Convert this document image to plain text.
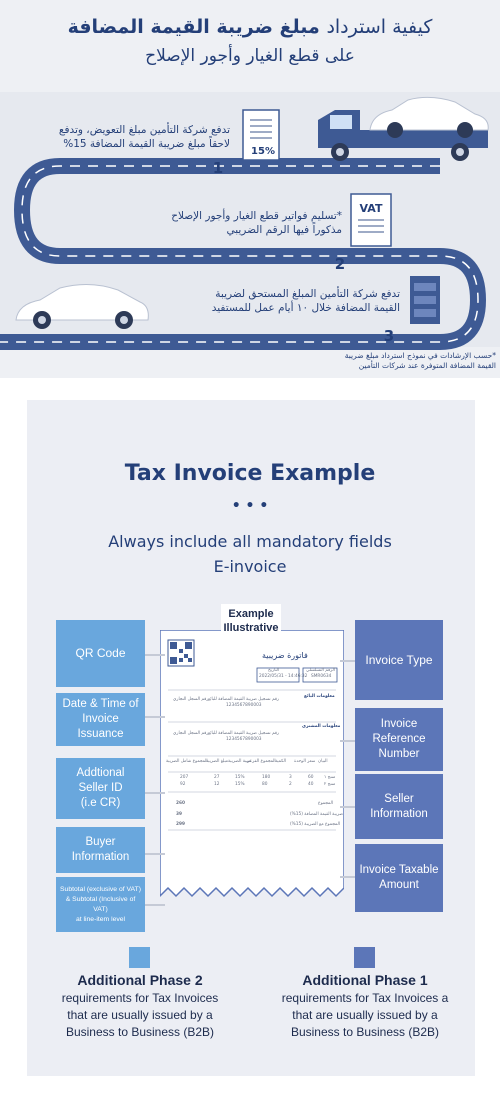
كيفية استرداد مبلغ ضريبة القيمة المضافة
على قطع الغيار وأجور الإصلاح
15%
VAT
تدفع شركة التأمين مبلغ التعويض، وتدفع
لاحقاً مبلغ ضريبة القيمة المضافة 15%
1
*تسليم فواتير قطع الغيار وأجور الإصلاح
مذكوراً فيها الرقم الضريبي
2
تدفع شركة التأمين المبلغ المستحق لضريبة
القيمة المضافة خلال ١٠ أيام عمل للمستفيد
3
*حسب الإرشادات في نموذج استرداد مبلغ ضريبة
القيمة المضافة المتوفرة عند شركات التأمين
Tax Invoice Example
• • •
Always include all mandatory fields
E-invoice
فاتورة ضريبية
التاريخ
2022/05/31 - 14:46:32
الرقم التسلسلي
SMR0634
معلومات البائع
رقم تسجيل ضريبة القيمة المضافة للبائع
1234567890003
رقم السجل التجاري
معلومات المشتري
رقم تسجيل ضريبة القيمة المضافة للبائع
1234567890003
رقم السجل التجاري
البيان
سعر الوحدة
الكمية
المجموع الفرعي
نسبة الضريبة
مبلغ الضريبة
المجموع شامل الضريبة
منتج ١
60
3
180
15%
27
207
منتج ٢
40
2
80
15%
12
92
المجموع
260
ضريبة القيمة المضافة (15%)
39
المجموع مع الضريبة (15%)
299
Example
Illustrative
QR Code
Date & Time of
Invoice Issuance
Addtional
Seller ID
(i.e CR)
Buyer
Information
Subtotal (exclusive of VAT)
& Subtotal (Inclusive of VAT)
at line-item level
Invoice Type
Invoice Reference
Number
Seller
Information
Invoice Taxable
Amount
Additional Phase 2
requirements for Tax Invoices
that are usually issued by a
Business to Business (B2B)
Additional Phase 1
requirements for Tax Invoices a
that are usually issued by a
Business to Business (B2B)
